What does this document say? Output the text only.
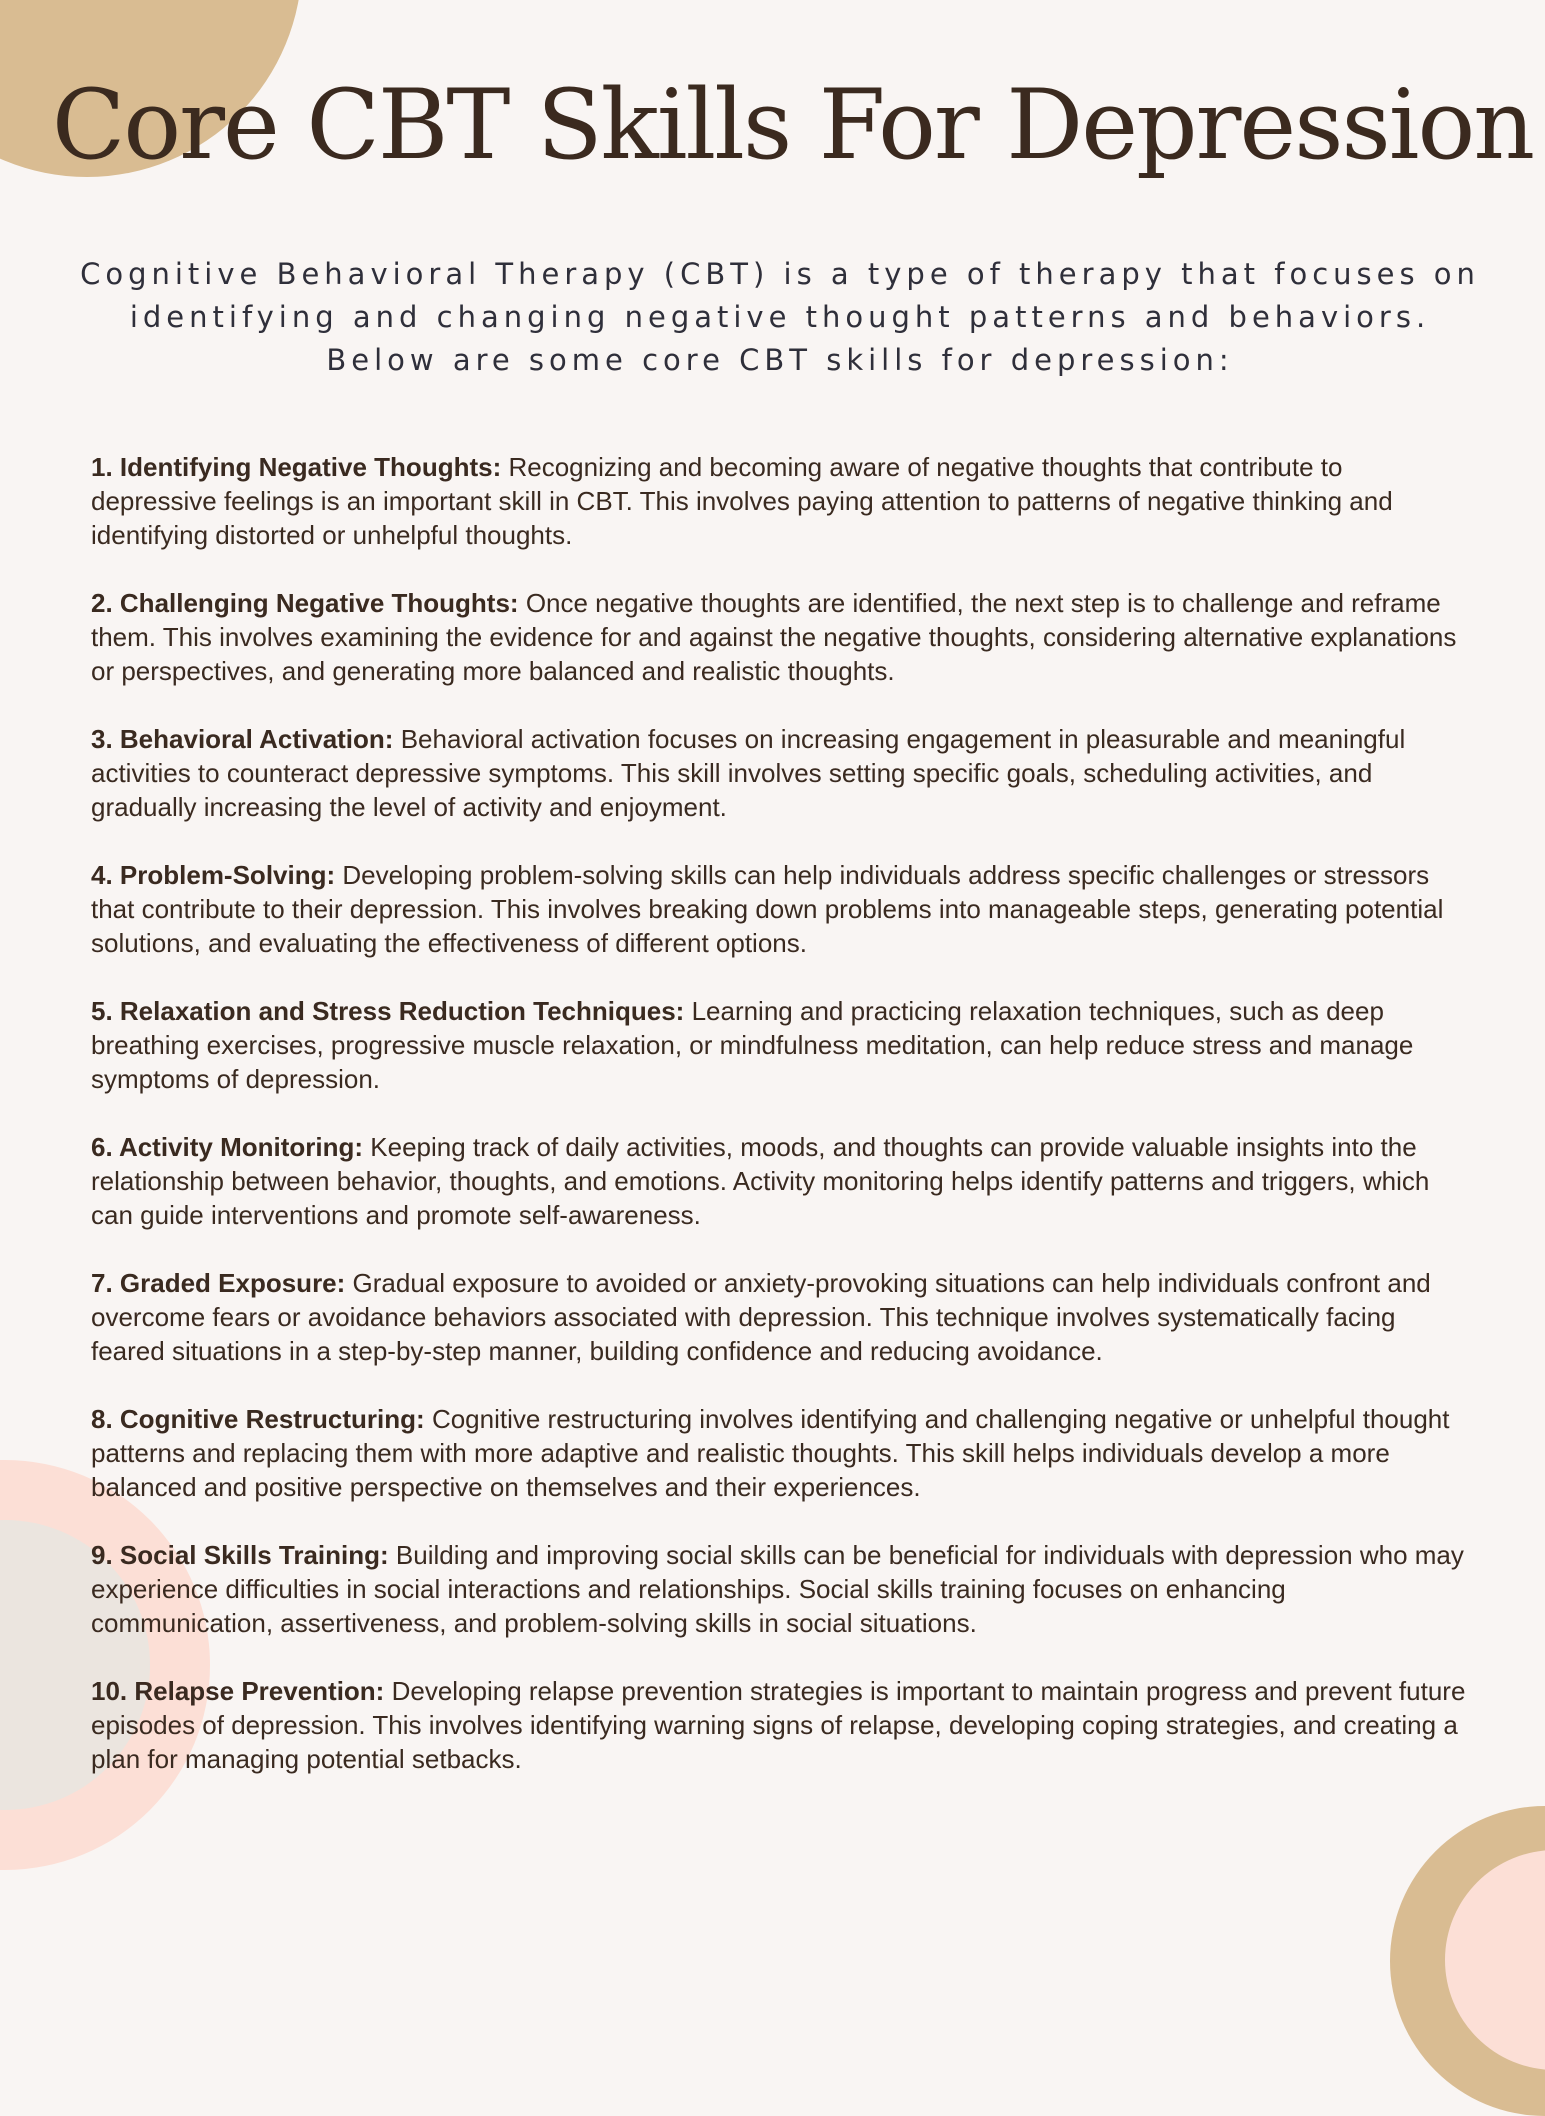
Core CBT Skills For Depression

Cognitive Behavioral Therapy (CBT) is a type of therapy that focuses on identifying and changing negative thought patterns and behaviors. Below are some core CBT skills for depression:

1. Identifying Negative Thoughts: Recognizing and becoming aware of negative thoughts that contribute to depressive feelings is an important skill in CBT. This involves paying attention to patterns of negative thinking and identifying distorted or unhelpful thoughts.
2. Challenging Negative Thoughts: Once negative thoughts are identified, the next step is to challenge and reframe them. This involves examining the evidence for and against the negative thoughts, considering alternative explanations or perspectives, and generating more balanced and realistic thoughts.
3. Behavioral Activation: Behavioral activation focuses on increasing engagement in pleasurable and meaningful activities to counteract depressive symptoms. This skill involves setting specific goals, scheduling activities, and gradually increasing the level of activity and enjoyment.
4. Problem-Solving: Developing problem-solving skills can help individuals address specific challenges or stressors that contribute to their depression. This involves breaking down problems into manageable steps, generating potential solutions, and evaluating the effectiveness of different options.
5. Relaxation and Stress Reduction Techniques: Learning and practicing relaxation techniques, such as deep breathing exercises, progressive muscle relaxation, or mindfulness meditation, can help reduce stress and manage symptoms of depression.
6. Activity Monitoring: Keeping track of daily activities, moods, and thoughts can provide valuable insights into the relationship between behavior, thoughts, and emotions. Activity monitoring helps identify patterns and triggers, which can guide interventions and promote self-awareness.
7. Graded Exposure: Gradual exposure to avoided or anxiety-provoking situations can help individuals confront and overcome fears or avoidance behaviors associated with depression. This technique involves systematically facing feared situations in a step-by-step manner, building confidence and reducing avoidance.
8. Cognitive Restructuring: Cognitive restructuring involves identifying and challenging negative or unhelpful thought patterns and replacing them with more adaptive and realistic thoughts. This skill helps individuals develop a more balanced and positive perspective on themselves and their experiences.
9. Social Skills Training: Building and improving social skills can be beneficial for individuals with depression who may experience difficulties in social interactions and relationships. Social skills training focuses on enhancing communication, assertiveness, and problem-solving skills in social situations.
10. Relapse Prevention: Developing relapse prevention strategies is important to maintain progress and prevent future episodes of depression. This involves identifying warning signs of relapse, developing coping strategies, and creating a plan for managing potential setbacks.
